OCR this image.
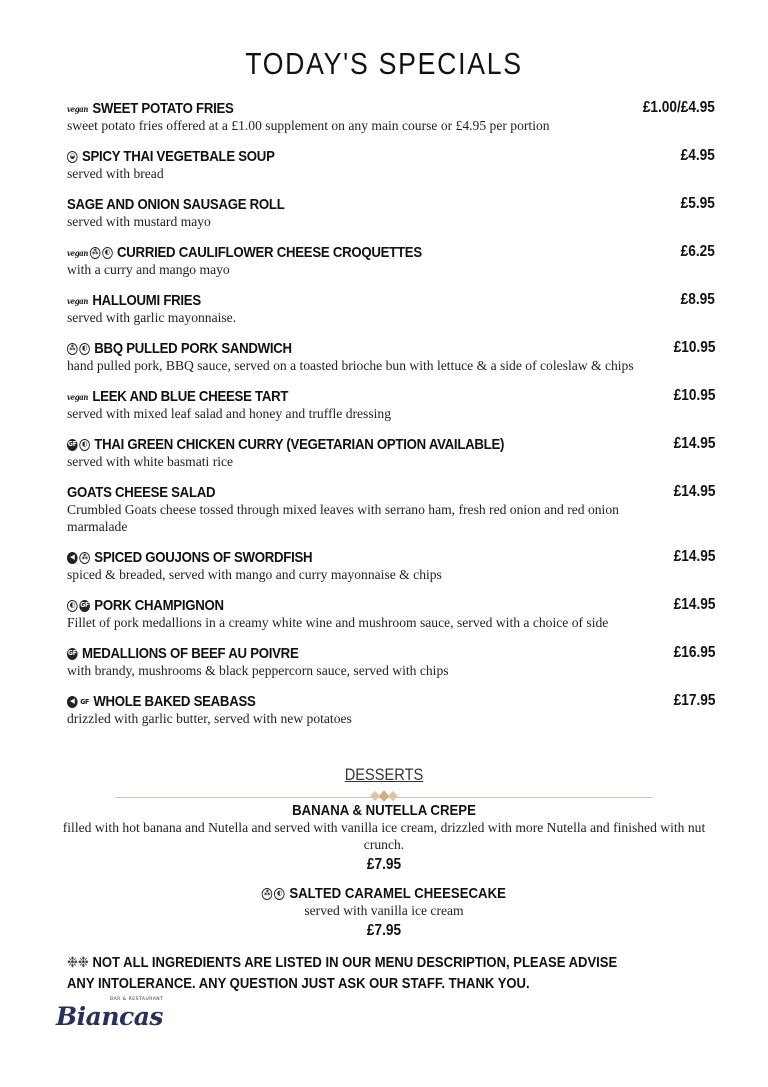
TODAY'S SPECIALS
vegan SWEET POTATO FRIES	£1.00/£4.95
sweet potato fries offered at a £1.00 supplement on any main course or £4.95 per portion
◒ SPICY THAI VEGETBALE SOUP	£4.95
served with bread
SAGE AND ONION SAUSAGE ROLL	£5.95
served with mustard mayo
vegan ⁂ ◐ CURRIED CAULIFLOWER CHEESE CROQUETTES	£6.25
with a curry and mango mayo
vegan HALLOUMI FRIES	£8.95
served with garlic mayonnaise.
⁂ ◐ BBQ PULLED PORK SANDWICH	£10.95
hand pulled pork, BBQ sauce, served on a toasted brioche bun with lettuce & a side of coleslaw & chips
vegan LEEK AND BLUE CHEESE TART	£10.95
served with mixed leaf salad and honey and truffle dressing
GF ◐ THAI GREEN CHICKEN CURRY (VEGETARIAN OPTION AVAILABLE)	£14.95
served with white basmati rice
GOATS CHEESE SALAD	£14.95
Crumbled Goats cheese tossed through mixed leaves with serrano ham, fresh red onion and red onion marmalade
◀	⁂ SPICED GOUJONS OF SWORDFISH	£14.95
spiced & breaded, served with mango and curry mayonnaise & chips
◐ GF PORK CHAMPIGNON	£14.95
Fillet of pork medallions in a creamy white wine and mushroom sauce, served with a choice of side
GF MEDALLIONS OF BEEF AU POIVRE	£16.95
with brandy, mushrooms & black peppercorn sauce, served with chips
◀ GF WHOLE BAKED SEABASS	£17.95
drizzled with garlic butter, served with new potatoes
DESSERTS
BANANA & NUTELLA CREPE
filled with hot banana and Nutella and served with vanilla ice cream, drizzled with more Nutella and finished with nut crunch.
£7.95
⁂ ◐ SALTED CARAMEL CHEESECAKE
served with vanilla ice cream
£7.95
❉❉ NOT ALL INGREDIENTS ARE LISTED IN OUR MENU DESCRIPTION, PLEASE ADVISE ANY INTOLERANCE. ANY QUESTION JUST ASK OUR STAFF. THANK YOU.
BAR & RESTAURANT
Biancas
